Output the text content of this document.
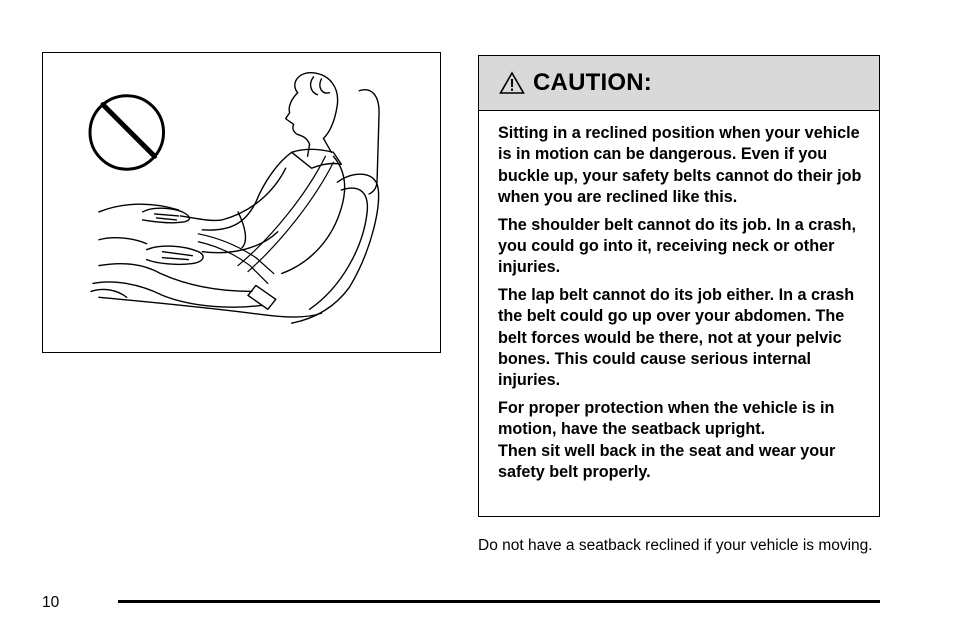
CAUTION:

Sitting in a reclined position when your vehicle is in motion can be dangerous. Even if you buckle up, your safety belts cannot do their job when you are reclined like this.

The shoulder belt cannot do its job. In a crash, you could go into it, receiving neck or other injuries.

The lap belt cannot do its job either. In a crash the belt could go up over your abdomen. The belt forces would be there, not at your pelvic bones. This could cause serious internal injuries.

For proper protection when the vehicle is in motion, have the seatback upright.

Then sit well back in the seat and wear your safety belt properly.

Do not have a seatback reclined if your vehicle is moving.
10
